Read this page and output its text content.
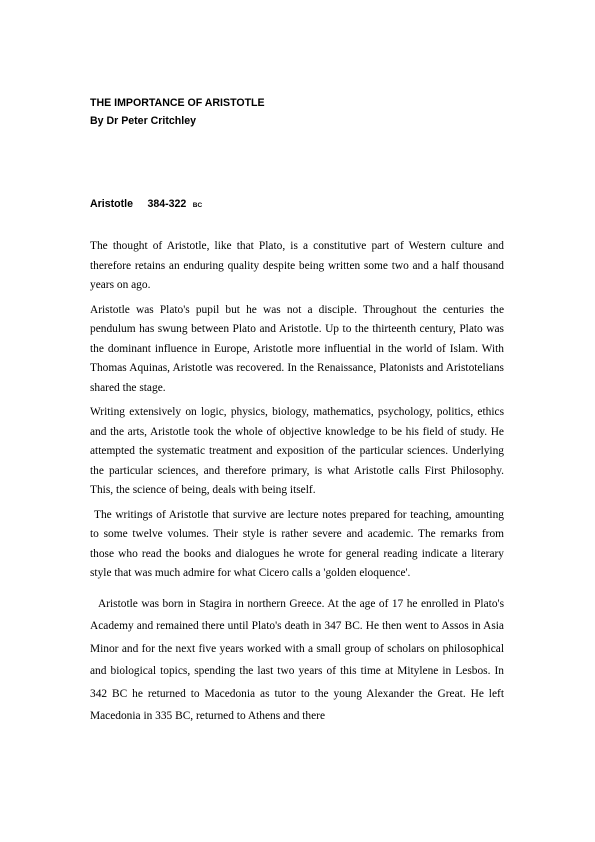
THE IMPORTANCE OF ARISTOTLE
By Dr Peter Critchley
Aristotle 384-322 BC

The thought of Aristotle, like that Plato, is a constitutive part of Western culture and therefore retains an enduring quality despite being written some two and a half thousand years on ago.

Aristotle was Plato's pupil but he was not a disciple. Throughout the centuries the pendulum has swung between Plato and Aristotle. Up to the thirteenth century, Plato was the dominant influence in Europe, Aristotle more influential in the world of Islam. With Thomas Aquinas, Aristotle was recovered. In the Renaissance, Platonists and Aristotelians shared the stage.

Writing extensively on logic, physics, biology, mathematics, psychology, politics, ethics and the arts, Aristotle took the whole of objective knowledge to be his field of study. He attempted the systematic treatment and exposition of the particular sciences. Underlying the particular sciences, and therefore primary, is what Aristotle calls First Philosophy. This, the science of being, deals with being itself.

The writings of Aristotle that survive are lecture notes prepared for teaching, amounting to some twelve volumes. Their style is rather severe and academic. The remarks from those who read the books and dialogues he wrote for general reading indicate a literary style that was much admire for what Cicero calls a 'golden eloquence'.

Aristotle was born in Stagira in northern Greece. At the age of 17 he enrolled in Plato's Academy and remained there until Plato's death in 347 BC. He then went to Assos in Asia Minor and for the next five years worked with a small group of scholars on philosophical and biological topics, spending the last two years of this time at Mitylene in Lesbos. In 342 BC he returned to Macedonia as tutor to the young Alexander the Great. He left Macedonia in 335 BC, returned to Athens and there
